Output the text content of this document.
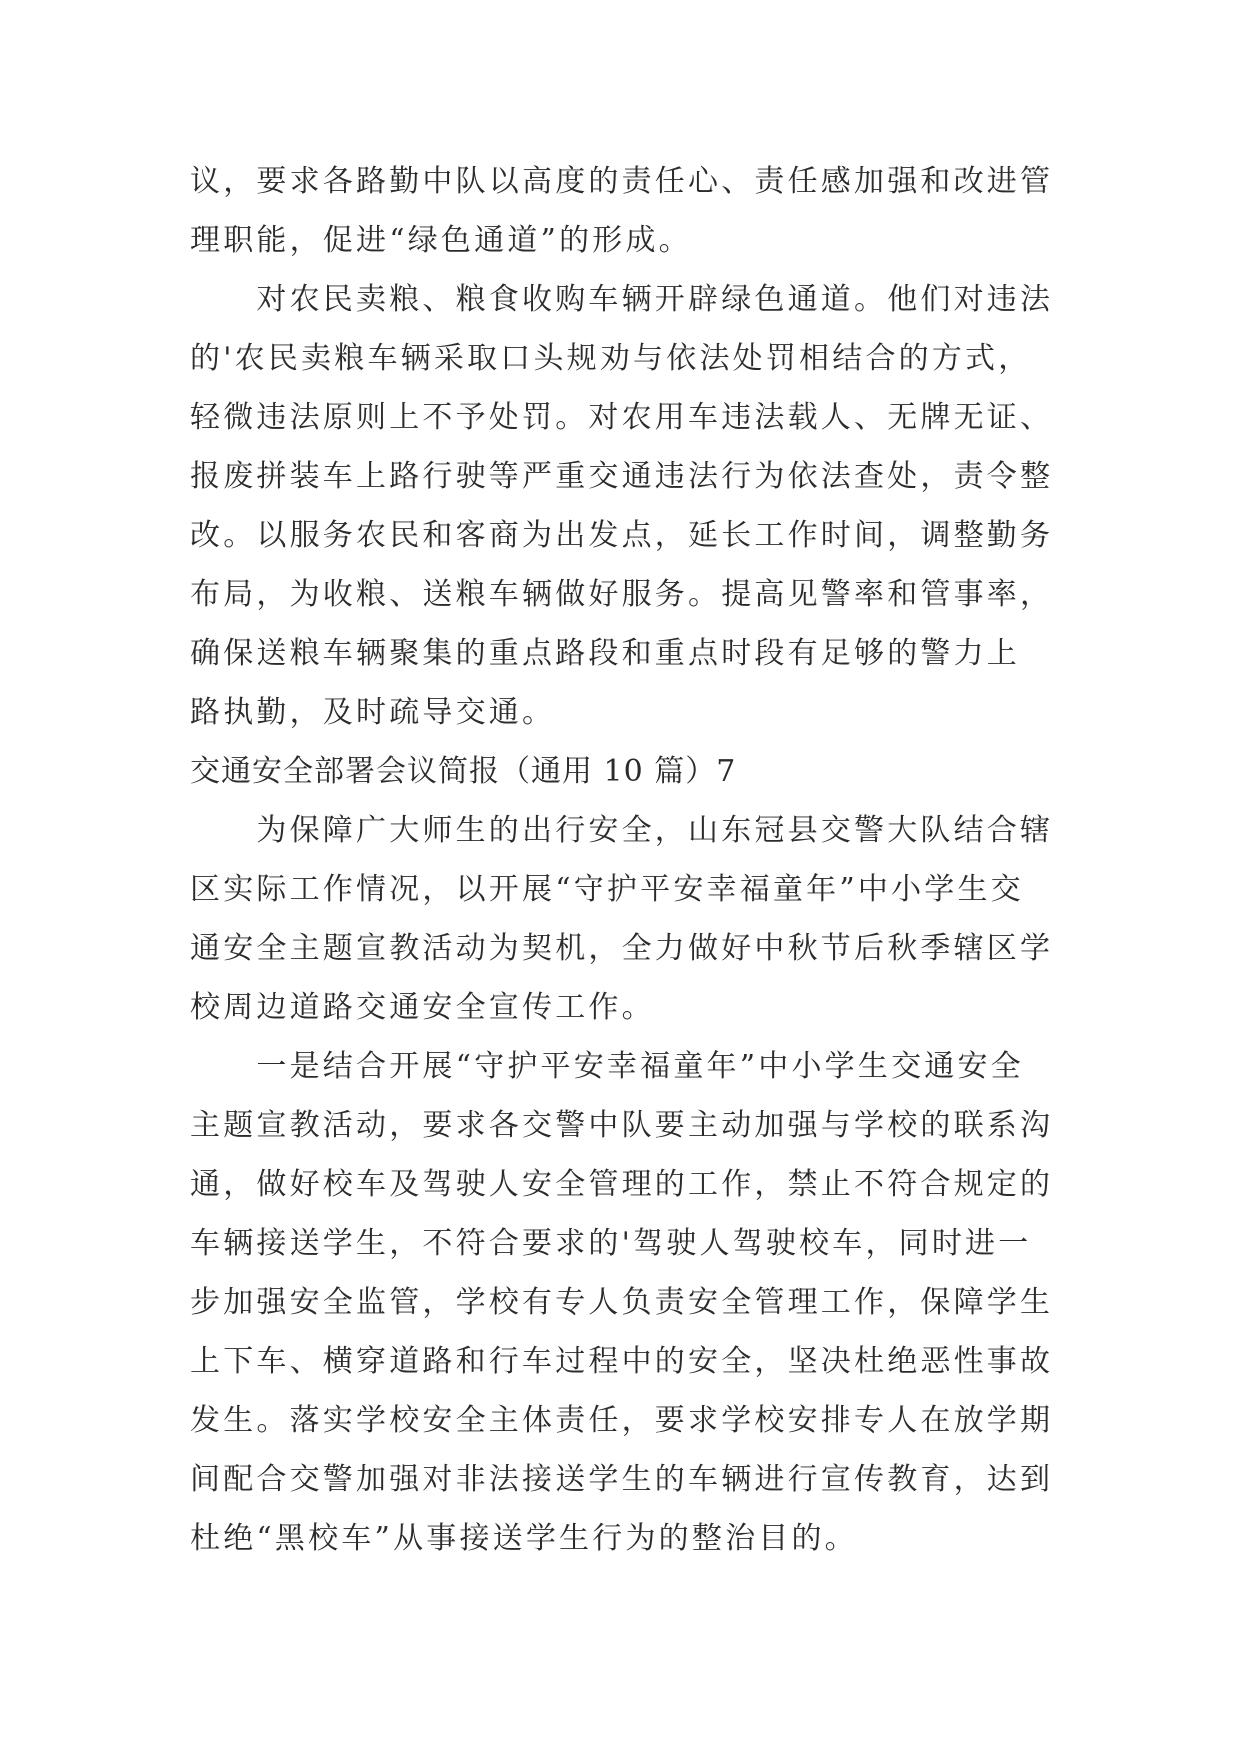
议，要求各路勤中队以高度的责任心、责任感加强和改进管
理职能，促进“绿色通道”的形成。
　　对农民卖粮、粮食收购车辆开辟绿色通道。他们对违法
的'农民卖粮车辆采取口头规劝与依法处罚相结合的方式，
轻微违法原则上不予处罚。对农用车违法载人、无牌无证、
报废拼装车上路行驶等严重交通违法行为依法查处，责令整
改。以服务农民和客商为出发点，延长工作时间，调整勤务
布局，为收粮、送粮车辆做好服务。提高见警率和管事率，
确保送粮车辆聚集的重点路段和重点时段有足够的警力上
路执勤，及时疏导交通。
交通安全部署会议简报（通用 10 篇）7
　　为保障广大师生的出行安全，山东冠县交警大队结合辖
区实际工作情况，以开展“守护平安幸福童年”中小学生交
通安全主题宣教活动为契机，全力做好中秋节后秋季辖区学
校周边道路交通安全宣传工作。
　　一是结合开展“守护平安幸福童年”中小学生交通安全
主题宣教活动，要求各交警中队要主动加强与学校的联系沟
通，做好校车及驾驶人安全管理的工作，禁止不符合规定的
车辆接送学生，不符合要求的'驾驶人驾驶校车，同时进一
步加强安全监管，学校有专人负责安全管理工作，保障学生
上下车、横穿道路和行车过程中的安全，坚决杜绝恶性事故
发生。落实学校安全主体责任，要求学校安排专人在放学期
间配合交警加强对非法接送学生的车辆进行宣传教育，达到
杜绝“黑校车”从事接送学生行为的整治目的。
